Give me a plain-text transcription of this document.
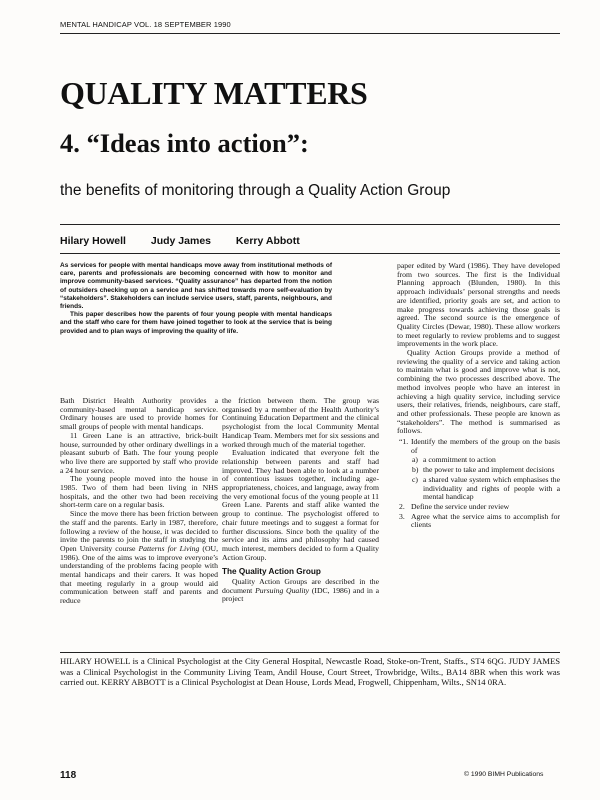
MENTAL HANDICAP VOL. 18 SEPTEMBER 1990
QUALITY MATTERS
4. “Ideas into action”:
the benefits of monitoring through a Quality Action Group
Hilary Howell Judy James Kerry Abbott

As services for people with mental handicaps move away from institutional methods of care, parents and professionals are becoming concerned with how to monitor and improve community-based services. “Quality assurance” has departed from the notion of outsiders checking up on a service and has shifted towards more self-evaluation by “stakeholders”. Stakeholders can include service users, staff, parents, neighbours, and friends.

This paper describes how the parents of four young people with mental handicaps and the staff who care for them have joined together to look at the service that is being provided and to plan ways of improving the quality of life.

Bath District Health Authority provides a community-based mental handicap service. Ordinary houses are used to provide homes for small groups of people with mental handicaps.

11 Green Lane is an attractive, brick-built house, surrounded by other ordinary dwellings in a pleasant suburb of Bath. The four young people who live there are supported by staff who provide a 24 hour service.

The young people moved into the house in 1985. Two of them had been living in NHS hospitals, and the other two had been receiving short-term care on a regular basis.

Since the move there has been friction between the staff and the parents. Early in 1987, therefore, following a review of the house, it was decided to invite the parents to join the staff in studying the Open University course Patterns for Living (OU, 1986). One of the aims was to improve everyone’s understanding of the problems facing people with mental handicaps and their carers. It was hoped that meeting regularly in a group would aid communication between staff and parents and reduce

the friction between them. The group was organised by a member of the Health Authority’s Continuing Education Department and the clinical psychologist from the local Community Mental Handicap Team. Members met for six sessions and worked through much of the material together.

Evaluation indicated that everyone felt the relationship between parents and staff had improved. They had been able to look at a number of contentious issues together, including age-appropriateness, choices, and language, away from the very emotional focus of the young people at 11 Green Lane. Parents and staff alike wanted the group to continue. The psychologist offered to chair future meetings and to suggest a format for further discussions. Since both the quality of the service and its aims and philosophy had caused much interest, members decided to form a Quality Action Group.

The Quality Action Group

Quality Action Groups are described in the document Pursuing Quality (IDC, 1986) and in a project

paper edited by Ward (1986). They have developed from two sources. The first is the Individual Planning approach (Blunden, 1980). In this approach individuals’ personal strengths and needs are identified, priority goals are set, and action to make progress towards achieving those goals is agreed. The second source is the emergence of Quality Circles (Dewar, 1980). These allow workers to meet regularly to review problems and to suggest improvements in the work place.

Quality Action Groups provide a method of reviewing the quality of a service and taking action to maintain what is good and improve what is not, combining the two processes described above. The method involves people who have an interest in achieving a high quality service, including service users, their relatives, friends, neighbours, care staff, and other professionals. These people are known as “stakeholders”. The method is summarised as follows.

“1. Identify the members of the group on the basis of
a) a commitment to action
b) the power to take and implement decisions
c) a shared value system which emphasises the individuality and rights of people with a mental handicap
2. Define the service under review
3. Agree what the service aims to accomplish for clients
HILARY HOWELL is a Clinical Psychologist at the City General Hospital, Newcastle Road, Stoke-on-Trent, Staffs., ST4 6QG. JUDY JAMES was a Clinical Psychologist in the Community Living Team, Andil House, Court Street, Trowbridge, Wilts., BA14 8BR when this work was carried out. KERRY ABBOTT is a Clinical Psychologist at Dean House, Lords Mead, Frogwell, Chippenham, Wilts., SN14 0RA.
118	© 1990 BIMH Publications
